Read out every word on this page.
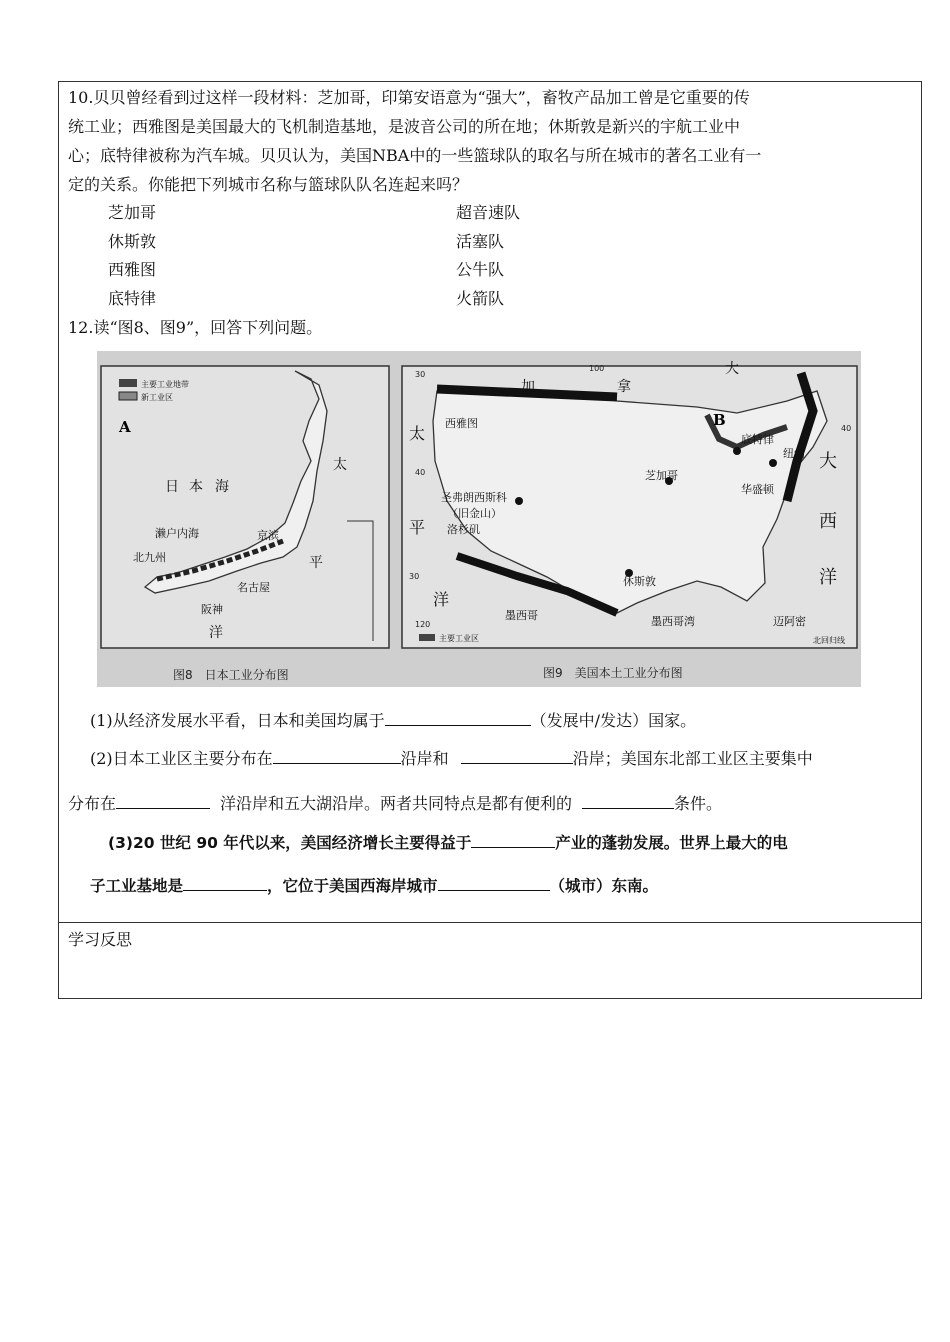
10.贝贝曾经看到过这样一段材料：芝加哥，印第安语意为“强大”，畜牧产品加工曾是它重要的传
统工业；西雅图是美国最大的飞机制造基地，是波音公司的所在地；休斯敦是新兴的宇航工业中
心；底特律被称为汽车城。贝贝认为，美国NBA中的一些篮球队的取名与所在城市的著名工业有一
定的关系。你能把下列城市名称与篮球队队名连起来吗？
芝加哥
休斯敦
西雅图
底特律
超音速队
活塞队
公牛队
火箭队
12.读“图8、图9”，回答下列问题。
主要工业地带
新工业区
A
日 本 海
太
平
洋
濑户内海	京滨
北九州
名古屋
阪神
图8　日本工业分布图
加	拿
大
太
平
洋
大
西
洋
B
西雅图
圣弗朗西斯科
（旧金山）
洛杉矶
芝加哥
底特律
纽约
华盛顿
休斯敦
迈阿密
墨西哥	墨西哥湾
30
40
100
120
40
30
主要工业区	北回归线
图9　美国本土工业分布图
(1)从经济发展水平看，日本和美国均属于	（发展中/发达）国家。
(2)日本工业区主要分布在	沿岸和	沿岸；美国东北部工业区主要集中
分布在	洋沿岸和五大湖沿岸。两者共同特点是都有便利的	条件。
(3)20 世纪 90 年代以来，美国经济增长主要得益于	产业的蓬勃发展。世界上最大的电
子工业基地是	，它位于美国西海岸城市	（城市）东南。
学习反思
